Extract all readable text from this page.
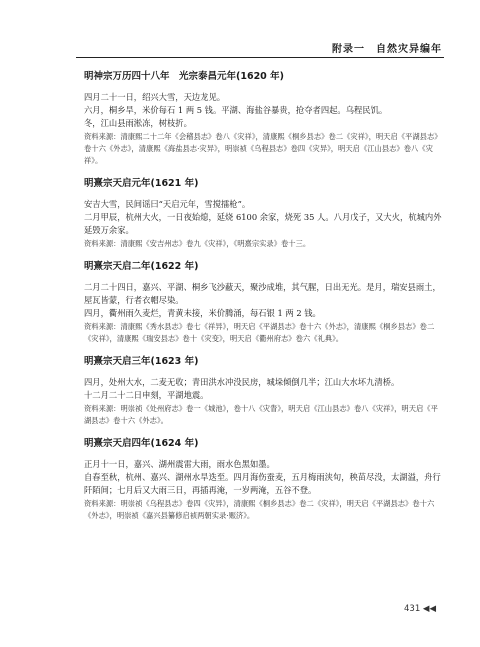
附录一　自然灾异编年

明神宗万历四十八年　光宗泰昌元年(1620 年)

四月二十一日，绍兴大雪，天边龙见。

六月，桐乡旱，米价每石 1 两 5 钱。平湖、海盐谷暴贵，抢夺者四起。乌程民饥。

冬，江山县雨淞冻，树枝折。

资料来源：清康熙二十二年《会稽县志》卷八《灾祥》，清康熙《桐乡县志》卷二《灾祥》，明天启《平湖县志》卷十六《外志》，清康熙《海盐县志·灾异》，明崇祯《乌程县志》卷四《灾异》，明天启《江山县志》卷八《灾祥》。

明熹宗天启元年(1621 年)

安吉大雪，民间谣曰“天启元年，雪搅擂枪”。

二月甲辰，杭州大火，一日夜始熄，延烧 6100 余家，烧死 35 人。八月戊子，又大火，杭城内外延毁万余家。

资料来源：清康熙《安吉州志》卷九《灾祥》，《明熹宗实录》卷十三。

明熹宗天启二年(1622 年)

二月二十四日，嘉兴、平湖、桐乡飞沙蔽天，聚沙成堆，其气腥，日出无光。是月，瑞安县雨土，屋瓦皆蒙，行者衣帽尽染。

四月，衢州雨久麦烂，青黄未接，米价腾涌，每石银 1 两 2 钱。

资料来源：清康熙《秀水县志》卷七《祥异》，明天启《平湖县志》卷十六《外志》，清康熙《桐乡县志》卷二《灾祥》，清康熙《瑞安县志》卷十《灾变》，明天启《衢州府志》卷六《礼典》。

明熹宗天启三年(1623 年)

四月，处州大水，二麦无收；青田洪水冲没民房，城垛倾倒几半；江山大水坏九清桥。

十二月二十二日申刻，平湖地震。

资料来源：明崇祯《处州府志》卷一《城池》，卷十八《灾眚》，明天启《江山县志》卷八《灾祥》，明天启《平湖县志》卷十六《外志》。

明熹宗天启四年(1624 年)

正月十一日，嘉兴、湖州震雷大雨，雨水色黑如墨。

自春至秋，杭州、嘉兴、湖州水旱迭至。四月海伤蚕麦，五月梅雨浃旬，秧苗尽没，太湖溢，舟行阡陌间；七月后又大雨三日，再插再淹，一岁两淹，五谷不登。

资料来源：明崇祯《乌程县志》卷四《灾异》，清康熙《桐乡县志》卷二《灾祥》，明天启《平湖县志》卷十六《外志》，明崇祯《嘉兴县纂修启祯两朝实录·赈济》。

431 ◀◀
